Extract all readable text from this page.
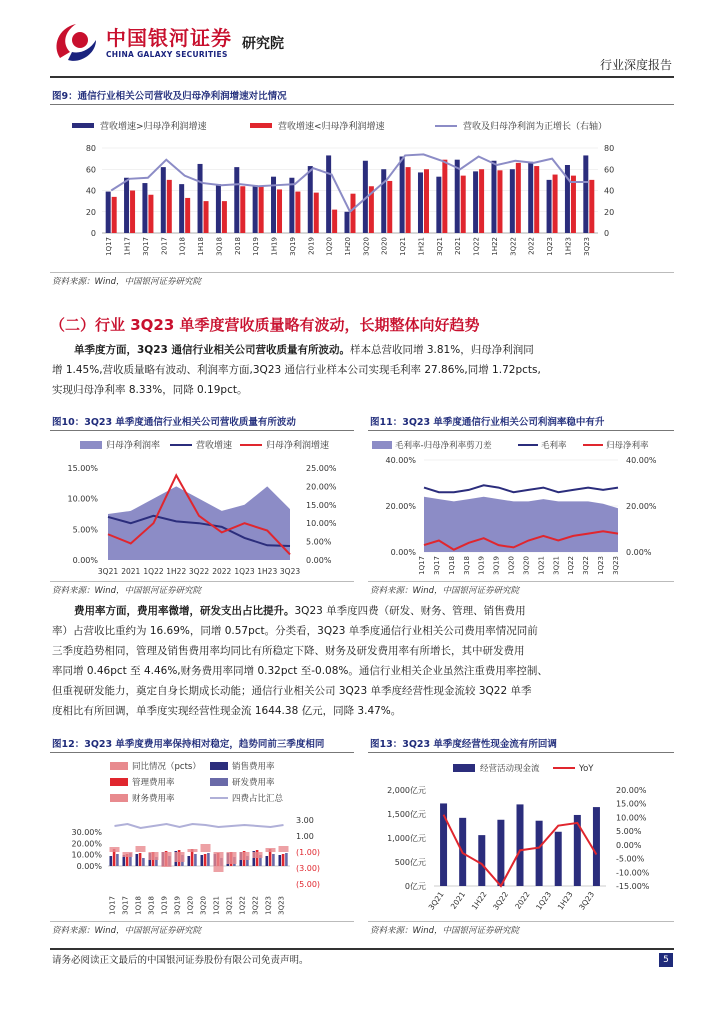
中国银河证券
CHINA GALAXY SECURITIES
研究院
行业深度报告
图9：通信行业相关公司营收及归母净利润增速对比情况
营收增速>归母净利润增速	营收增速<归母净利润增速	营收及归母净利润为正增长（右轴）
0
20
40
60
80
0
20
40
60
80
1Q17 1H17 3Q17 2017 1Q18 1H18 3Q18 2018 1Q19 1H19 3Q19 2019 1Q20 1H20 3Q20 2020 1Q21 1H21 3Q21 2021 1Q22 1H22 3Q22 2022 1Q23 1H23 3Q23
资料来源：Wind，中国银河证券研究院
（二）行业 3Q23 单季度营收质量略有波动，长期整体向好趋势
单季度方面，3Q23 通信行业相关公司营收质量有所波动。样本总营收同增 3.81%，归母净利润同
增 1.45%,营收质量略有波动、利润率方面,3Q23 通信行业样本公司实现毛利率 27.86%,同增 1.72pcts,
实现归母净利率 8.33%，同降 0.19pct。
图10：3Q23 单季度通信行业相关公司营收质量有所波动
归母净利润率	营收增速	归母净利润增速
0.00%
5.00%
10.00%
15.00%
0.00%
5.00%
10.00%
15.00%
20.00%
25.00%
3Q21 2021 1Q22 1H22 3Q22 2022 1Q23 1H23 3Q23
资料来源：Wind，中国银河证券研究院
图11：3Q23 单季度通信行业相关公司利润率稳中有升
毛利率-归母净利率剪刀差	毛利率	归母净利率
0.00%
20.00%
40.00%
0.00%
20.00%
40.00%
1Q17 3Q17 1Q18 3Q18 1Q19 3Q19 1Q20 3Q20 1Q21 3Q21 1Q22 3Q22 1Q23 3Q23
资料来源：Wind，中国银河证券研究院
费用率方面，费用率微增，研发支出占比提升。3Q23 单季度四费（研发、财务、管理、销售费用
率）占营收比重约为 16.69%，同增 0.57pct。分类看，3Q23 单季度通信行业相关公司费用率情况同前
三季度趋势相同，管理及销售费用率均同比有所稳定下降、财务及研发费用率有所增长，其中研发费用
率同增 0.46pct 至 4.46%,财务费用率同增 0.32pct 至-0.08%。通信行业相关企业虽然注重费用率控制、
但重视研发能力，奠定自身长期成长动能；通信行业相关公司 3Q23 单季度经营性现金流较 3Q22 单季
度相比有所回调，单季度实现经营性现金流 1644.38 亿元，同降 3.47%。
图12：3Q23 单季度费用率保持相对稳定，趋势同前三季度相同
同比情况（pcts）	销售费用率
管理费用率	研发费用率
财务费用率	四费占比汇总
0.00%
10.00%
20.00%
30.00%
(5.00)
(3.00)
(1.00)
1.00
3.00
1Q17 3Q17 1Q18 3Q18 1Q19 3Q19 1Q20 3Q20 1Q21 3Q21 1Q22 3Q22 1Q23 3Q23
资料来源：Wind，中国银河证券研究院
图13：3Q23 单季度经营性现金流有所回调
经营活动现金流	YoY
0亿元
500亿元
1,000亿元
1,500亿元
2,000亿元
-15.00%
-10.00%
-5.00%
0.00%
5.00%
10.00%
15.00%
20.00%
3Q21 2021 1H22 3Q22 2022 1Q23 1H23 3Q23
资料来源：Wind，中国银河证券研究院
请务必阅读正文最后的中国银河证券股份有限公司免责声明。	5
